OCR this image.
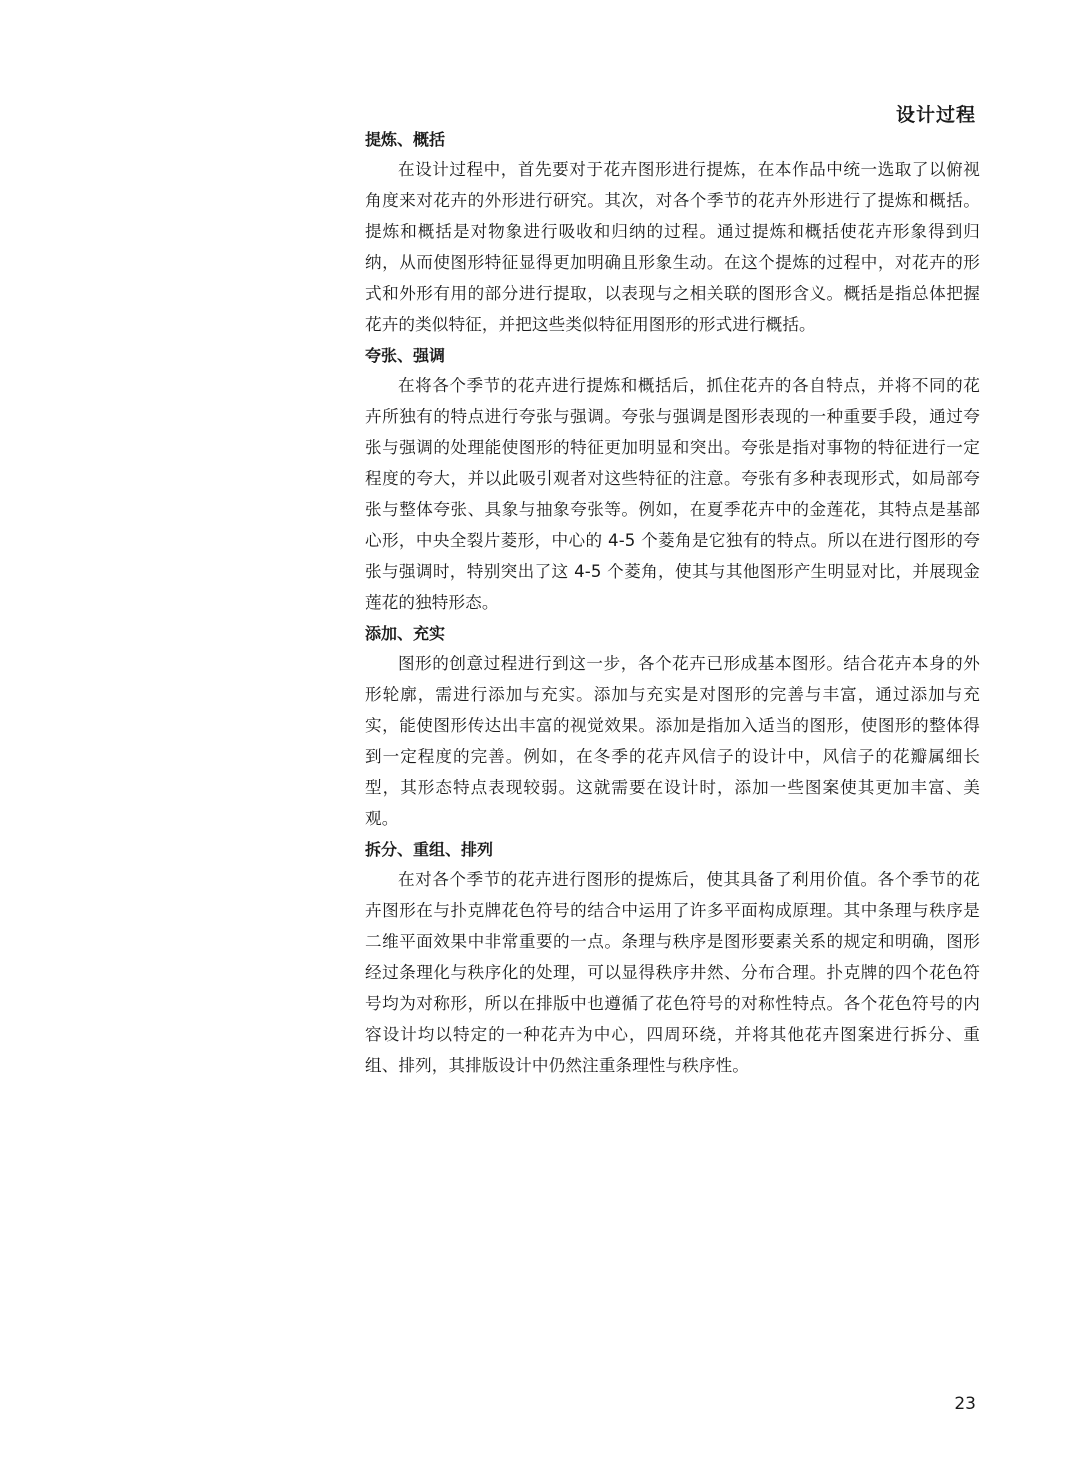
设计过程
提炼、概括

在设计过程中，首先要对于花卉图形进行提炼，在本作品中统一选取了以俯视角度来对花卉的外形进行研究。其次，对各个季节的花卉外形进行了提炼和概括。提炼和概括是对物象进行吸收和归纳的过程。通过提炼和概括使花卉形象得到归纳，从而使图形特征显得更加明确且形象生动。在这个提炼的过程中，对花卉的形式和外形有用的部分进行提取，以表现与之相关联的图形含义。概括是指总体把握花卉的类似特征，并把这些类似特征用图形的形式进行概括。

夸张、强调

在将各个季节的花卉进行提炼和概括后，抓住花卉的各自特点，并将不同的花卉所独有的特点进行夸张与强调。夸张与强调是图形表现的一种重要手段，通过夸张与强调的处理能使图形的特征更加明显和突出。夸张是指对事物的特征进行一定程度的夸大，并以此吸引观者对这些特征的注意。夸张有多种表现形式，如局部夸张与整体夸张、具象与抽象夸张等。例如，在夏季花卉中的金莲花，其特点是基部心形，中央全裂片菱形，中心的 4-5 个菱角是它独有的特点。所以在进行图形的夸张与强调时，特别突出了这 4-5 个菱角，使其与其他图形产生明显对比，并展现金莲花的独特形态。

添加、充实

图形的创意过程进行到这一步，各个花卉已形成基本图形。结合花卉本身的外形轮廓，需进行添加与充实。添加与充实是对图形的完善与丰富，通过添加与充实，能使图形传达出丰富的视觉效果。添加是指加入适当的图形，使图形的整体得到一定程度的完善。例如，在冬季的花卉风信子的设计中，风信子的花瓣属细长型，其形态特点表现较弱。这就需要在设计时，添加一些图案使其更加丰富、美观。

拆分、重组、排列

在对各个季节的花卉进行图形的提炼后，使其具备了利用价值。各个季节的花卉图形在与扑克牌花色符号的结合中运用了许多平面构成原理。其中条理与秩序是二维平面效果中非常重要的一点。条理与秩序是图形要素关系的规定和明确，图形经过条理化与秩序化的处理，可以显得秩序井然、分布合理。扑克牌的四个花色符号均为对称形，所以在排版中也遵循了花色符号的对称性特点。各个花色符号的内容设计均以特定的一种花卉为中心，四周环绕，并将其他花卉图案进行拆分、重组、排列，其排版设计中仍然注重条理性与秩序性。

23
